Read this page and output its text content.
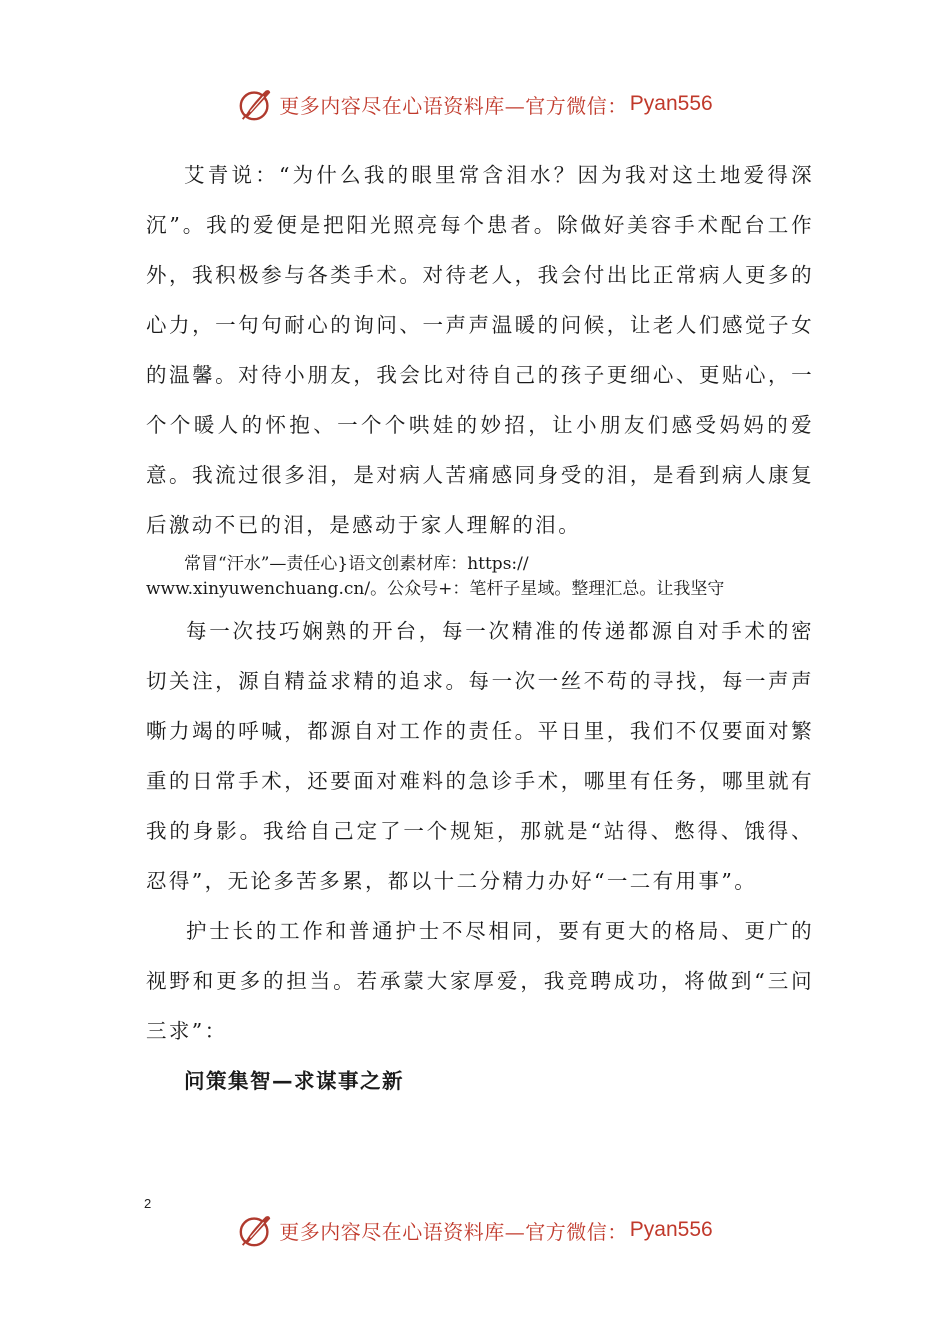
更多内容尽在心语资料库—官方微信： Pyan556

艾青说：“为什么我的眼里常含泪水？因为我对这土地爱得深沉”。我的爱便是把阳光照亮每个患者。除做好美容手术配台工作外，我积极参与各类手术。对待老人，我会付出比正常病人更多的心力，一句句耐心的询问、一声声温暖的问候，让老人们感觉子女的温馨。对待小朋友，我会比对待自己的孩子更细心、更贴心，一个个暖人的怀抱、一个个哄娃的妙招，让小朋友们感受妈妈的爱意。我流过很多泪，是对病人苦痛感同身受的泪，是看到病人康复后激动不已的泪，是感动于家人理解的泪。

常冒“汗水”—责任心}语文创素材库：https://
www.xinyuwenchuang.cn/。公众号+：笔杆子星域。整理汇总。让我坚守

每一次技巧娴熟的开台，每一次精准的传递都源自对手术的密切关注，源自精益求精的追求。每一次一丝不苟的寻找，每一声声嘶力竭的呼喊，都源自对工作的责任。平日里，我们不仅要面对繁重的日常手术，还要面对难料的急诊手术，哪里有任务，哪里就有我的身影。我给自己定了一个规矩，那就是“站得、憋得、饿得、忍得”，无论多苦多累，都以十二分精力办好“一二有用事”。

护士长的工作和普通护士不尽相同，要有更大的格局、更广的视野和更多的担当。若承蒙大家厚爱，我竞聘成功，将做到“三问三求”：

问策集智—求谋事之新
2
更多内容尽在心语资料库—官方微信： Pyan556
